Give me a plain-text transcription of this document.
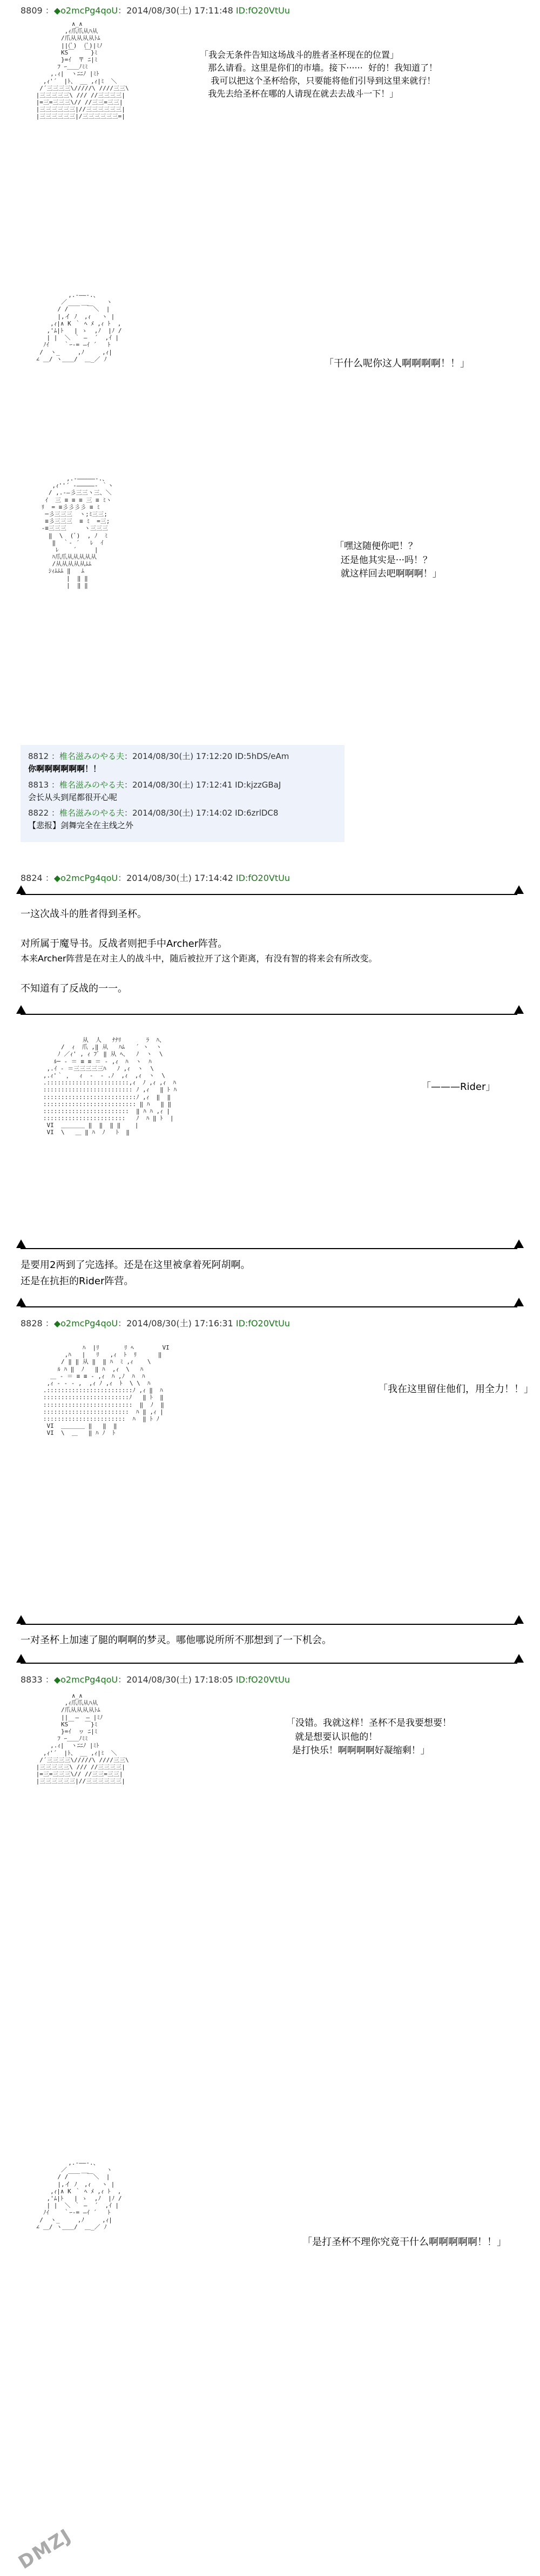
8809 ：◆o2mcPg4qoU：2014/08/30(土) 17:11:48 ID:fO20VtUu
∧_∧
,ｨ爪爪从ﾊ从
/爪从从从从ﾄﾑ
||(ﾞ)  (ﾞ)|ﾐﾉ
KS￣   ￣}ﾐ
}=ｲ  〒 ﾆ|ﾐ
ﾌ ｰ＿＿ﾉﾐﾐ
,.ｨ|  ヽﾆﾆﾉ |ﾐﾄ
,ｨ'´  |ﾄ、 __ ,ｨ|ﾐ  ＼
/´三三三三\/////\ ////三三\
|三三三三三\ /// //三三三三|
|=三=三三三\// //三三=三三|
|三三三三三三|//三三三三三三|
|三三三三三三|/三三三三三三=|
「我会无条件告知这场战斗的胜者圣杯现在的位置」
那么请看。这里是你们的市墙。接下······  好的！我知道了！
我可以把这个圣杯给你，只要能将他们引导到这里来就行！
我先去给圣杯在哪的人请现在就去去战斗一下！」
,.-――-.、
／    __     ヽ
/ /￣￣  ￣＼  |
|,イ ﾉ  ,ｨ   ヽ |
,ｨ|∧ K ｀ ﾍ ﾒ ,ｨ ﾄ  ,
,'ﾑ|ﾄ   | ゝ  ,ﾉ  |ﾉ /
| |  ＼ ｀ ―  ´  ,ｲ |
ﾉｲ    ｀ｰ-= ―ｲ ´   ﾄ
/  ヽ_     ,ﾉ     ,ｨ|
∠ ＿/ ヽ＿＿/  ＿_／ ﾉ	「干什么呢你这人啊啊啊啊！！」
,.-―――――-.、
,ｨ''´ -―――――- ｀ヽ
/ ,.-―彡三三ヽ三、＼
ｲ  三 ≡ ≡ ≡ 三 ≡ ﾐヽ
ﾘ  = ≡彡彡彡彡 ≡ ﾐ
─彡三三三  ヽ;ﾐ三三;
≡彡三三三  ≡ ﾐ  =三;
-≡三三三     ヽ三三三
‖  \  (ﾞ)  , ﾉ  ﾐ
‖  ｀‐ ´   ﾚ  ｲ
ﾚ    ´     |
ﾊ爪爪从从从从从
/从从从从从ﾑﾑ
ｼｨﾑﾑﾑ ‖   ﾑ
|  ‖ ‖
|  ‖ ‖
「嘿这随便你吧！？
还是他其实是···吗！？
就这样回去吧啊啊啊！」
8812 ：椎名滋みのやる夫：2014/08/30(土) 17:12:20 ID:5hDS/eAm
你啊啊啊啊啊啊！！
8813 ：椎名滋みのやる夫：2014/08/30(土) 17:12:41 ID:kjzzGBaJ
会长从头到尾都很开心呢
8822 ：椎名滋みのやる夫：2014/08/30(土) 17:14:02 ID:6zrlDC8
【悲报】剑舞完全在主线之外
8824 ：◆o2mcPg4qoU：2014/08/30(土) 17:14:42 ID:fO20VtUu
一这次战斗的胜者得到圣杯。
对所属于魔导书。反战者则把手中Archer阵营。
本来Archer阵营是在对主人的战斗中，随后被拉开了这个距离，有没有智的将来会有所改变。
不知道有了反战的一一。
从  人   ﾅﾅﾘ       ﾗ  ﾊ、
/  ｨ  爪 ,‖ 从   ﾊﾑ   ´ ヽ  ヽ
ﾉ ／ｨ' , ｨ ﾌﾞ ‖ 从 ﾍ、  ﾉ  ヽ  \
ﾙ─ ‐ ＝ ≡ ≡ ＝ ‐ ,ｨ  ﾊ  ヽ  ﾊ
,.ｲ ‐ ＝三三三三三ﾊ   ﾉ ,ｨ  ヽ  \
,.ｨ'｀ ，  ｨ  ‐  ‐ .ﾉ  ,ｨ  ,ｨ  ヽ  \
.:::::::::::::::::::::::,ｨ  ﾉ ,ｨ ,ｨ  ﾊ
::::::::::::::::::::::::: ﾉ ,ｨ   ‖ ﾄ ﾊ
::::::::::::::::::::::::::ﾉ ,ｨ  ‖  ‖
:::::::::::::::::::::::::: ‖ ﾊ   ‖ ‖
::::::::::::::::::::::::  ‖ ﾊ ﾊ ,ｨ |
:::::::::::::::::::::::   ﾉ  ﾊ ‖ ﾄ  |
VI  ＿＿＿＿ ‖  ‖  ‖ ‖    |
VI  \   ＿ ‖ ﾊ  ﾉ   ﾄ  ‖
「———Rider」
是要用2两到了完选择。还是在这里被拿着死阿胡啊。
还是在抗拒的Rider阵营。
8828 ：◆o2mcPg4qoU：2014/08/30(土) 17:16:31 ID:fO20VtUu
ﾊ  |ﾘ       ﾘ ﾍ        VI
,ﾊ   |   ﾘ   ,ｨ  ﾄ  ﾘ      ‖
/ ‖ ‖ 从 ‖  ‖ ﾊ  ﾐ ,ｨ    \
ﾙ ﾊ ‖  ﾉ   ‖ ﾊ  ,ｨ  \   ﾊ
＿ ‐ ＝ ≡ ≡ ‐ ,ｨ  ﾊ ,ﾉ  ﾊ  ﾊ
,ｨ ‐ ‐ ‐ ,  ,ｨ ﾉ ,ｨ  ﾄ  \ \  ﾊ
.::::::::::::::::::::::::ﾉ ,ｨ ‖  ﾊ
::::::::::::::::::::::::ﾉ   ‖ ﾄ  ‖
:::::::::::::::::::::::::  ‖  ﾉ  ‖
::::::::::::::::::::::::  ﾊ ‖ ,ｨ |
:::::::::::::::::::::::  ﾊ  ‖ ﾄ ﾉ
VI  ＿＿＿＿ ‖   ‖  ‖
VI  \  ＿   ‖ ﾊ ﾉ  ﾄ
「我在这里留住他们，用全力！！」
一对圣杯上加速了腿的啊啊的梦灵。哪他哪说所所不那想到了一下机会。
8833 ：◆o2mcPg4qoU：2014/08/30(土) 17:18:05 ID:fO20VtUu
∧_∧
,ｨ爪爪从ﾊ从
/爪从从从从ﾄﾑ
||  ―  ― |ﾐﾉ
KS￣   ￣}ﾐ
}=ｲ  ヮ ﾆ|ﾐ
ﾌ ｰ＿＿ﾉﾐﾐ
,.ｨ|  ヽﾆﾆﾉ |ﾐﾄ
,ｨ'´  |ﾄ、 __ ,ｨ|ﾐ  ＼
/´三三三三\/////\ ////三三\
|三三三三三\ /// //三三三三|
|=三=三三三\// //三三=三三|
|三三三三三三|//三三三三三三|
「没错。我就这样！圣杯不是我要想要！
就是想要认识他的！
是打快乐！啊啊啊啊好凝缩剩！」
,.-――-.、
／    __     ヽ
/ /￣￣  ￣＼  |
|,イ ﾉ  ,ｨ   ヽ |
,ｨ|∧ K ｀ ﾍ ﾒ ,ｨ ﾄ  ,
,'ﾑ|ﾄ   | ゝ  ,ﾉ  |ﾉ /
| |  ＼ ｀ ―  ´  ,ｲ |
ﾉｲ    ｀ｰ-= ―ｲ ´   ﾄ
/  ヽ_     ,ﾉ     ,ｨ|
∠ ＿/ ヽ＿＿/  ＿_／ ﾉ
「是打圣杯不理你究竟干什么啊啊啊啊啊！！」
DMZJ
